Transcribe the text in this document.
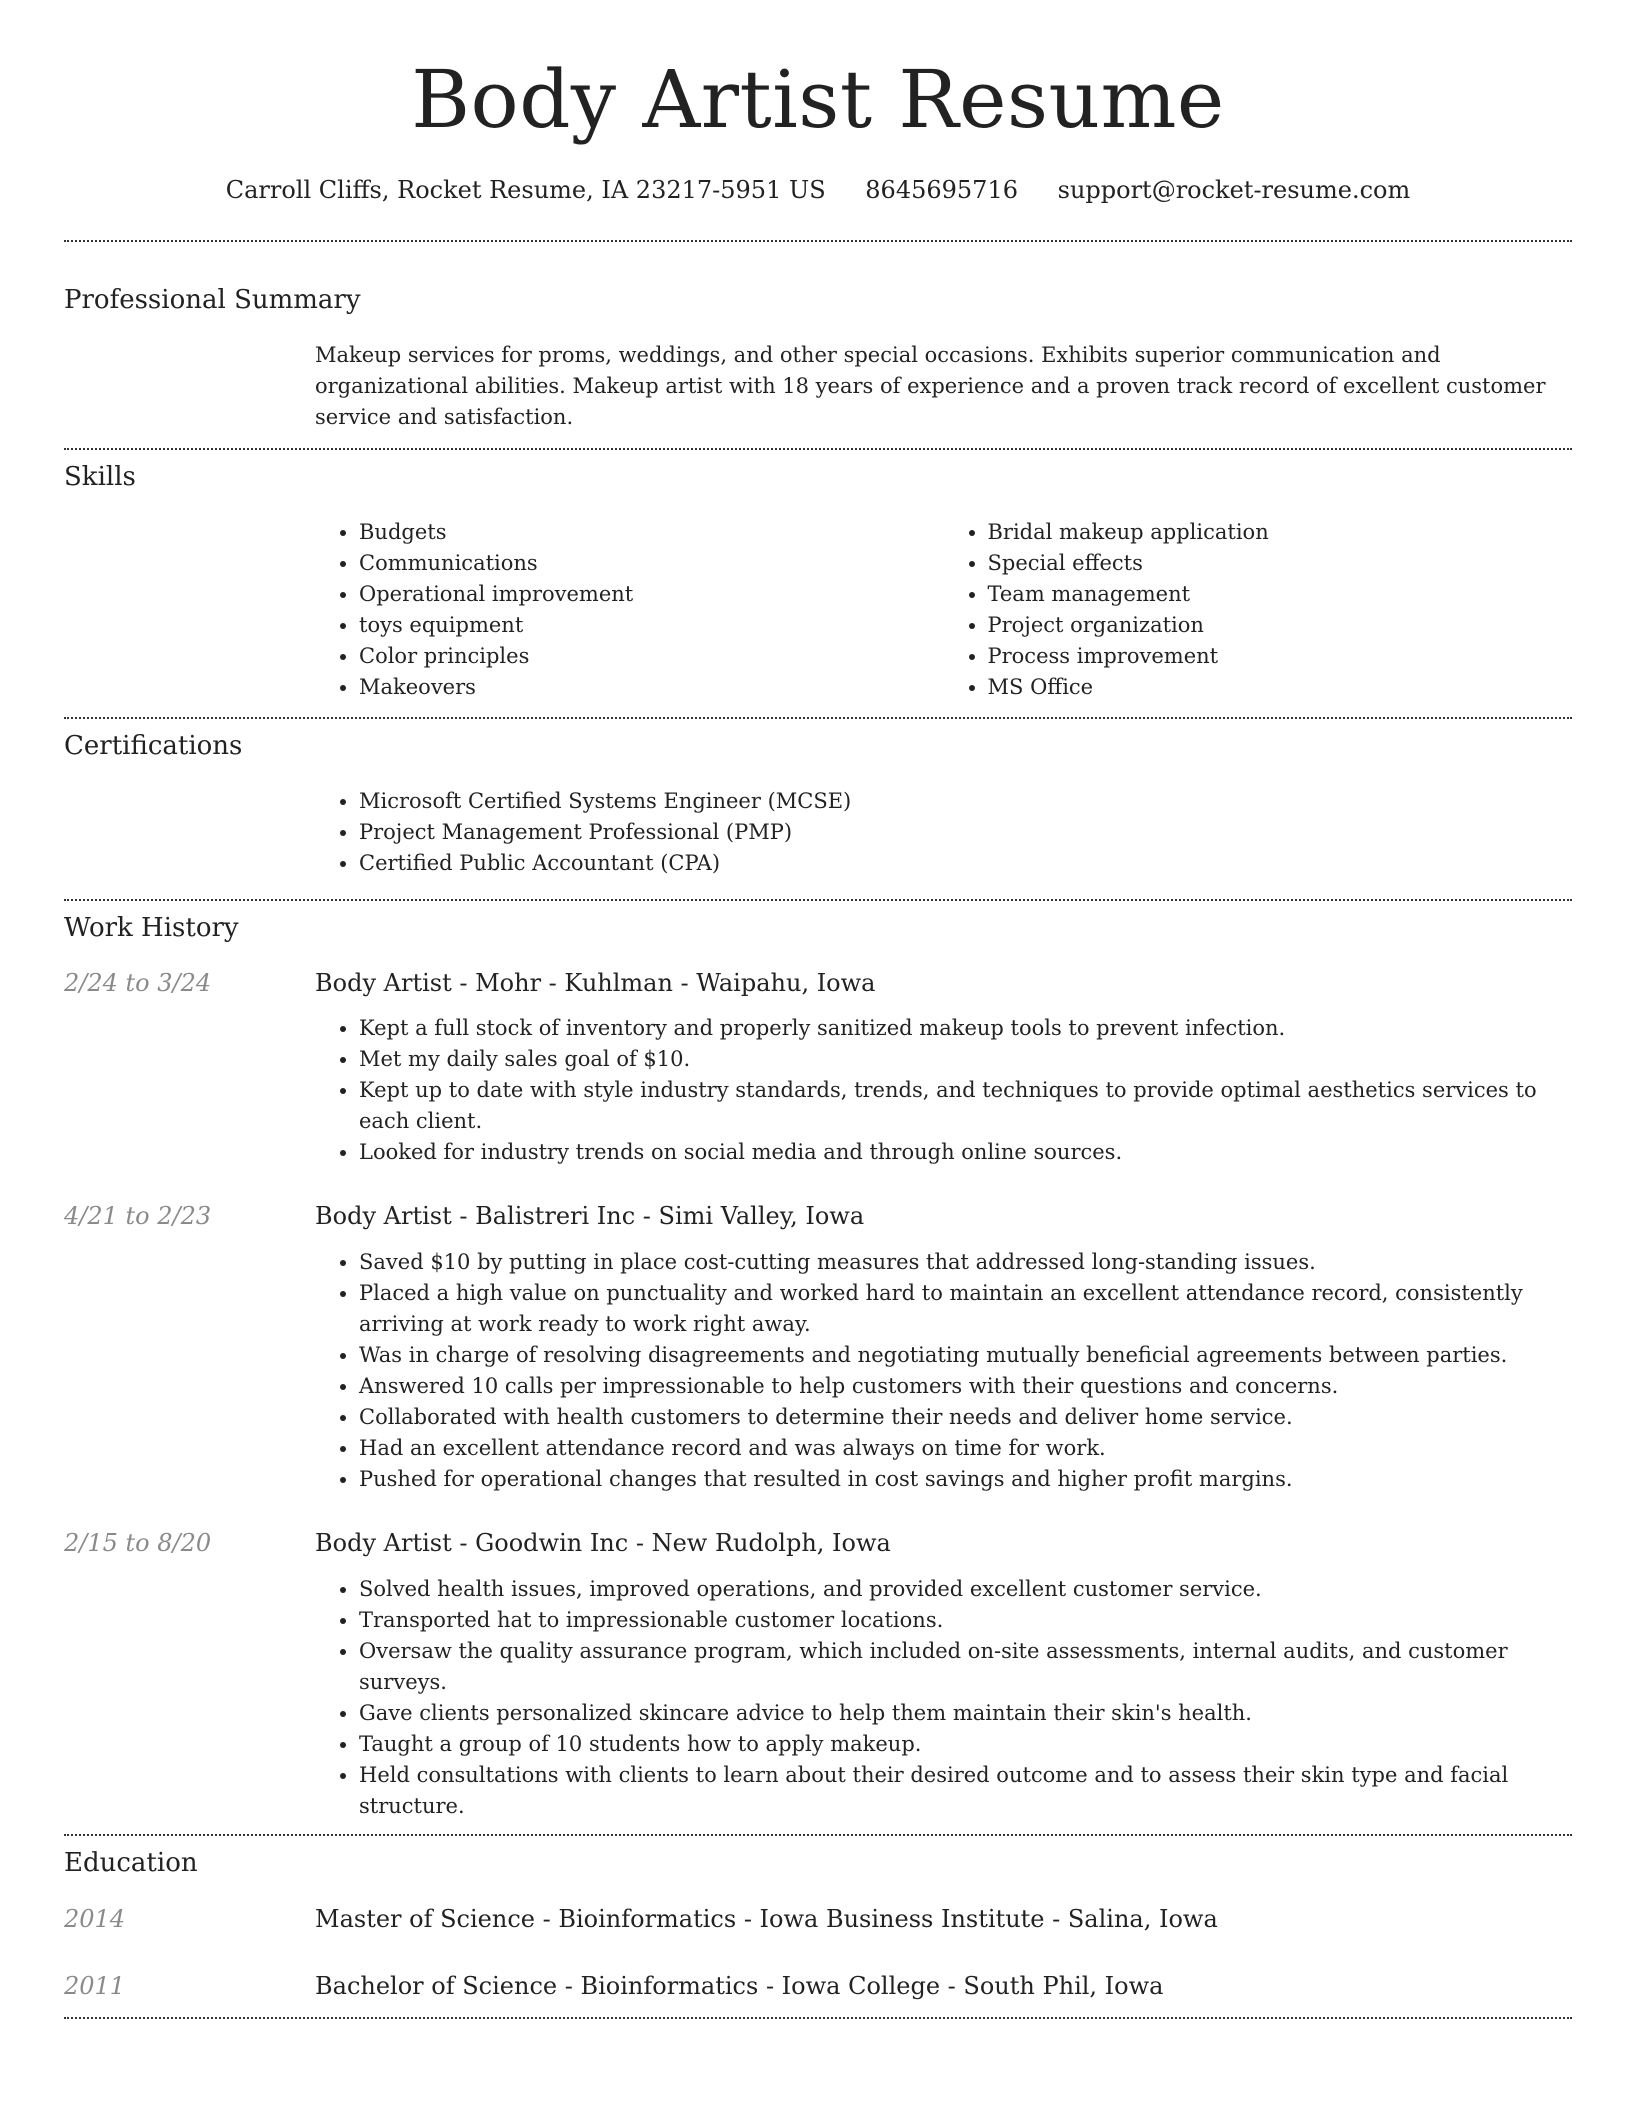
Body Artist Resume
Carroll Cliffs, Rocket Resume, IA 23217-5951 US 8645695716 support@rocket-resume.com
Professional Summary
Makeup services for proms, weddings, and other special occasions. Exhibits superior communication and organizational abilities. Makeup artist with 18 years of experience and a proven track record of excellent customer service and satisfaction.
Skills
• Budgets
• Communications
• Operational improvement
• toys equipment
• Color principles
• Makeovers
• Bridal makeup application
• Special effects
• Team management
• Project organization
• Process improvement
• MS Office
Certifications
• Microsoft Certified Systems Engineer (MCSE)
• Project Management Professional (PMP)
• Certified Public Accountant (CPA)
Work History
2/24 to 3/24	Body Artist - Mohr - Kuhlman - Waipahu, Iowa
• Kept a full stock of inventory and properly sanitized makeup tools to prevent infection.
• Met my daily sales goal of $10.
• Kept up to date with style industry standards, trends, and techniques to provide optimal aesthetics services to each client.
• Looked for industry trends on social media and through online sources.
4/21 to 2/23	Body Artist - Balistreri Inc - Simi Valley, Iowa
• Saved $10 by putting in place cost-cutting measures that addressed long-standing issues.
• Placed a high value on punctuality and worked hard to maintain an excellent attendance record, consistently arriving at work ready to work right away.
• Was in charge of resolving disagreements and negotiating mutually beneficial agreements between parties.
• Answered 10 calls per impressionable to help customers with their questions and concerns.
• Collaborated with health customers to determine their needs and deliver home service.
• Had an excellent attendance record and was always on time for work.
• Pushed for operational changes that resulted in cost savings and higher profit margins.
2/15 to 8/20	Body Artist - Goodwin Inc - New Rudolph, Iowa
• Solved health issues, improved operations, and provided excellent customer service.
• Transported hat to impressionable customer locations.
• Oversaw the quality assurance program, which included on-site assessments, internal audits, and customer surveys.
• Gave clients personalized skincare advice to help them maintain their skin's health.
• Taught a group of 10 students how to apply makeup.
• Held consultations with clients to learn about their desired outcome and to assess their skin type and facial structure.
Education
2014	Master of Science - Bioinformatics - Iowa Business Institute - Salina, Iowa
2011	Bachelor of Science - Bioinformatics - Iowa College - South Phil, Iowa
